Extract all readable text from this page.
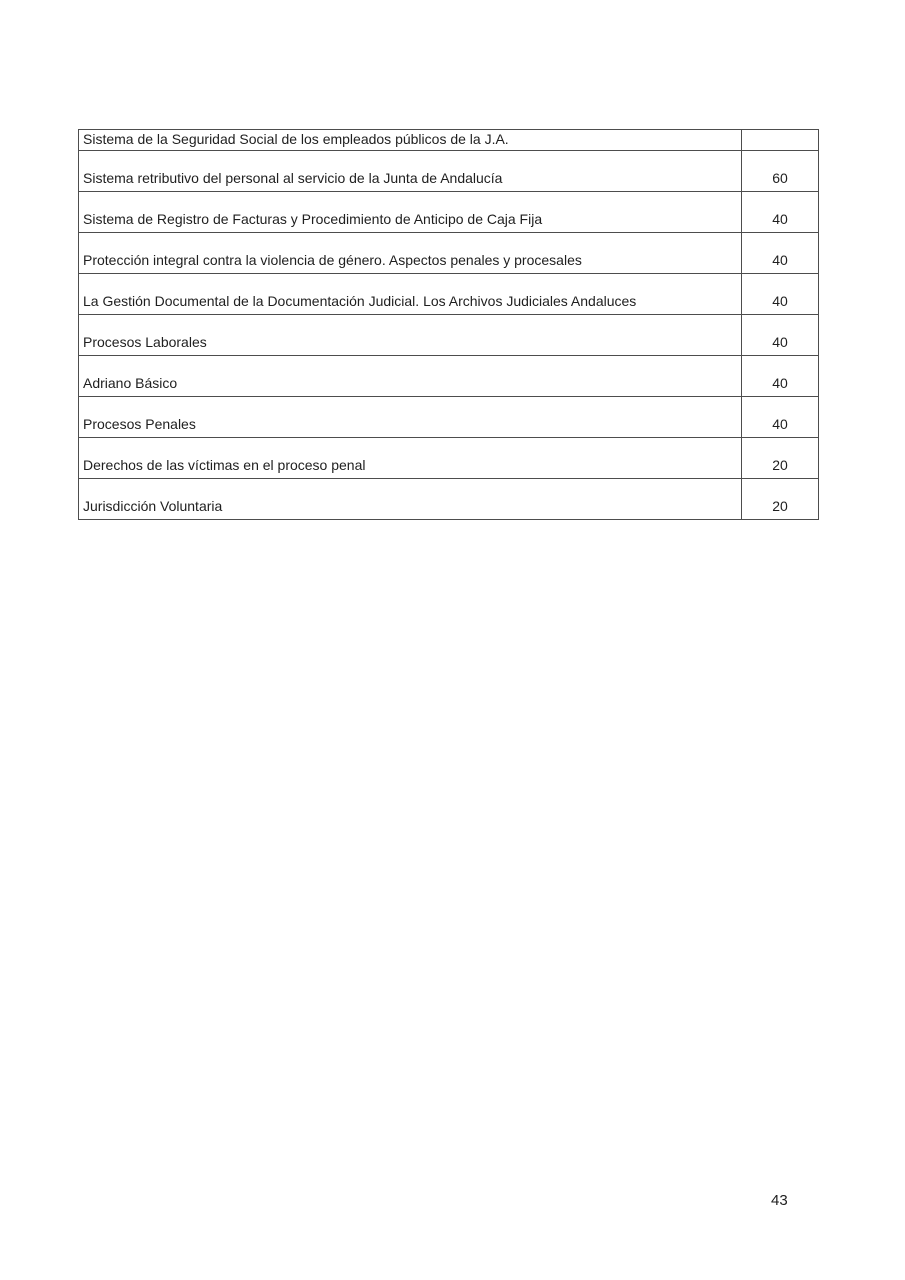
Sistema de la Seguridad Social de los empleados públicos de la J.A.	
Sistema retributivo del personal al servicio de la Junta de Andalucía	60
Sistema de Registro de Facturas y Procedimiento de Anticipo de Caja Fija	40
Protección integral contra la violencia de género. Aspectos penales y procesales	40
La Gestión Documental de la Documentación Judicial. Los Archivos Judiciales Andaluces	40
Procesos Laborales	40
Adriano Básico	40
Procesos Penales	40
Derechos de las víctimas en el proceso penal	20
Jurisdicción Voluntaria	20
43
